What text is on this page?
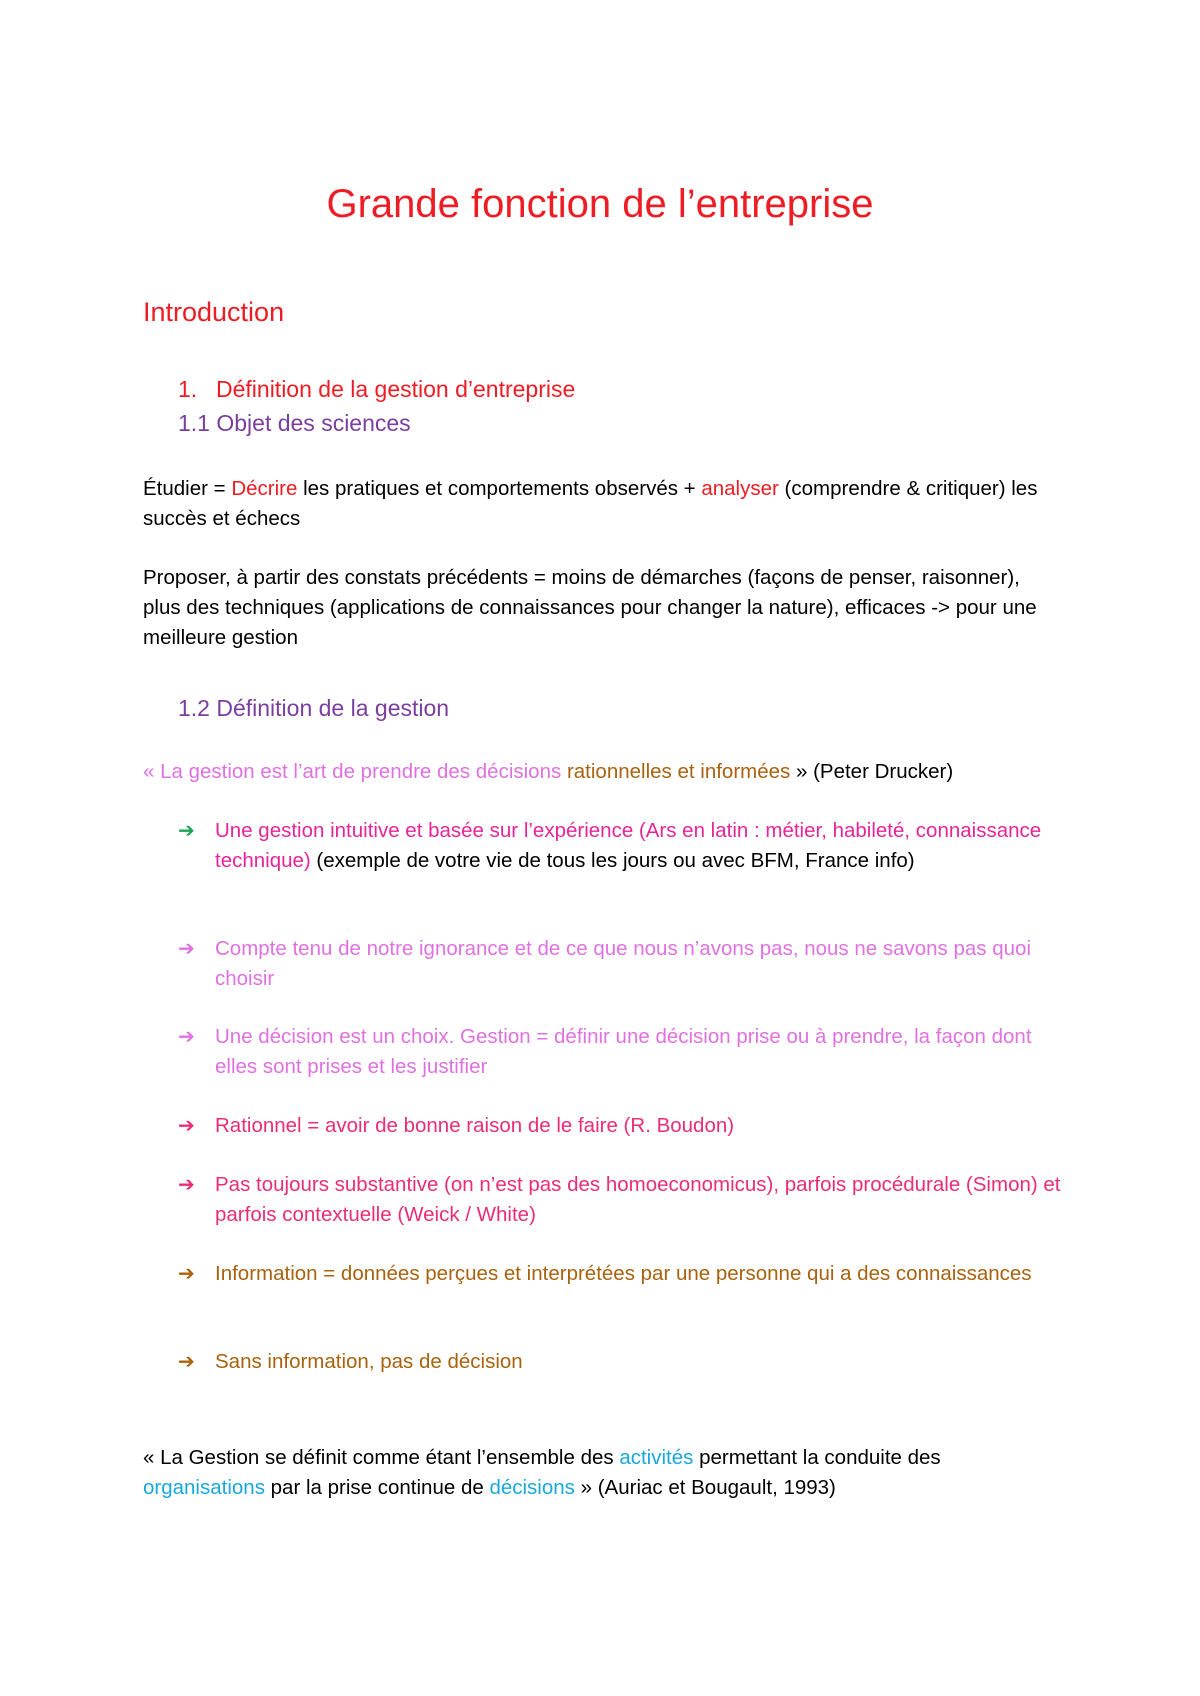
Grande fonction de l’entreprise
Introduction
1. Définition de la gestion d’entreprise
1.1 Objet des sciences
Étudier = Décrire les pratiques et comportements observés + analyser (comprendre & critiquer) les succès et échecs
Proposer, à partir des constats précédents = moins de démarches (façons de penser, raisonner), plus des techniques (applications de connaissances pour changer la nature), efficaces -> pour une meilleure gestion
1.2 Définition de la gestion
« La gestion est l’art de prendre des décisions rationnelles et informées » (Peter Drucker)
➔ Une gestion intuitive et basée sur l’expérience (Ars en latin : métier, habileté, connaissance technique) (exemple de votre vie de tous les jours ou avec BFM, France info)
➔ Compte tenu de notre ignorance et de ce que nous n’avons pas, nous ne savons pas quoi choisir
➔ Une décision est un choix. Gestion = définir une décision prise ou à prendre, la façon dont elles sont prises et les justifier
➔ Rationnel = avoir de bonne raison de le faire (R. Boudon)
➔ Pas toujours substantive (on n’est pas des homoeconomicus), parfois procédurale (Simon) et parfois contextuelle (Weick / White)
➔ Information = données perçues et interprétées par une personne qui a des connaissances
➔ Sans information, pas de décision
« La Gestion se définit comme étant l’ensemble des activités permettant la conduite des organisations par la prise continue de décisions » (Auriac et Bougault, 1993)
